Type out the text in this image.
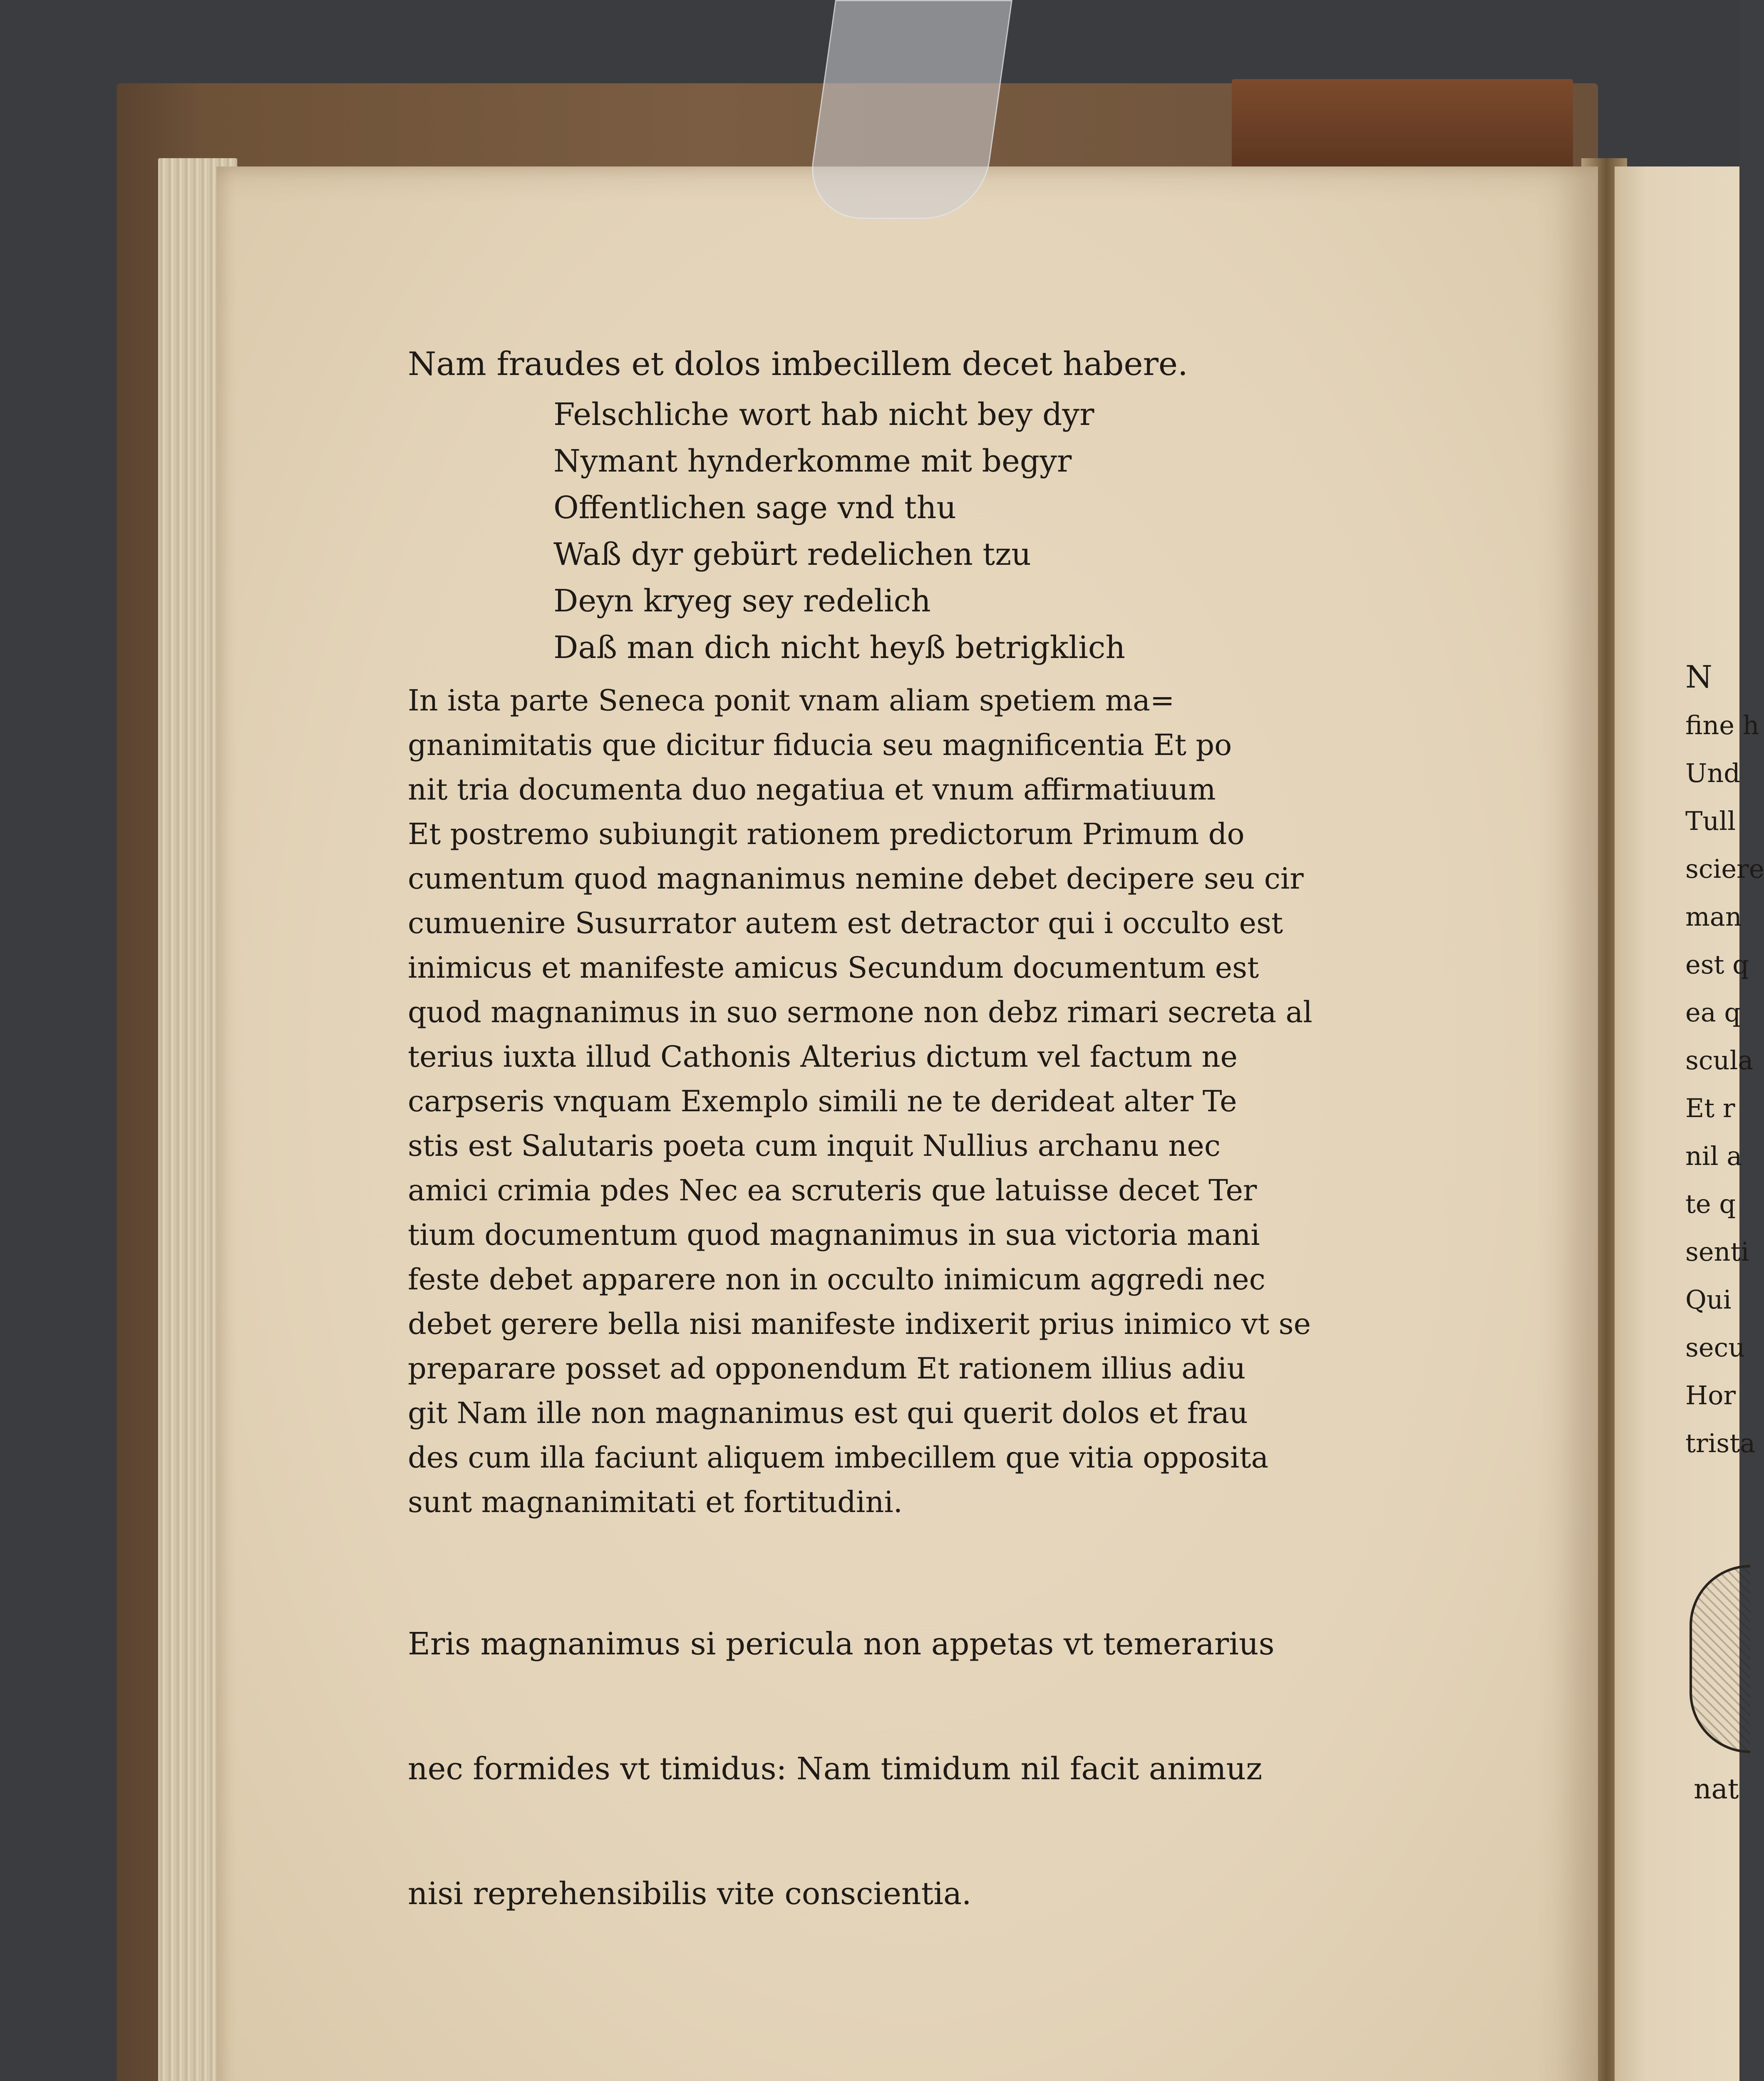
Nam fraudes et dolos imbecillem decet habere.
Felschliche wort hab nicht bey dyr
Nymant hynderkomme mit begyr
Offentlichen sage vnd thu
Waß dyr gebürt redelichen tzu
Deyn kryeg sey redelich
Daß man dich nicht heyß betrigklich
In ista parte Seneca ponit vnam aliam spetiem ma=
gnanimitatis que dicitur fiducia seu magnificentia Et po
nit tria documenta duo negatiua et vnum affirmatiuum
Et postremo subiungit rationem predictorum Primum do
cumentum quod magnanimus nemine debet decipere seu cir
cumuenire Susurrator autem est detractor qui i occulto est
inimicus et manifeste amicus Secundum documentum est
quod magnanimus in suo sermone non debz rimari secreta al
terius iuxta illud Cathonis Alterius dictum vel factum ne
carpseris vnquam Exemplo simili ne te derideat alter Te
stis est Salutaris poeta cum inquit Nullius archanu nec
amici crimia pdes Nec ea scruteris que latuisse decet Ter
tium documentum quod magnanimus in sua victoria mani
feste debet apparere non in occulto inimicum aggredi nec
debet gerere bella nisi manifeste indixerit prius inimico vt se
preparare posset ad opponendum Et rationem illius adiu
git Nam ille non magnanimus est qui querit dolos et frau
des cum illa faciunt aliquem imbecillem que vitia opposita
sunt magnanimitati et fortitudini.
Eris magnanimus si pericula non appetas vt temerarius
nec formides vt timidus: Nam timidum nil facit animuz
nisi reprehensibilis vite conscientia.
N
fine h
Und
Tull
sciere
man
est q
ea q
scula
Et r
nil a
te q
senti
Qui
secu
Hor
trista
nat
